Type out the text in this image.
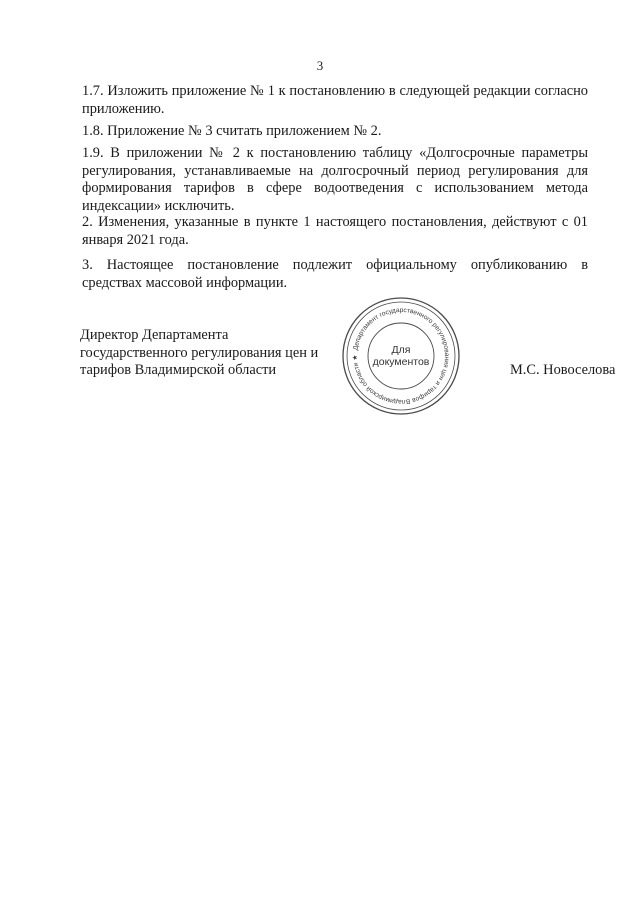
3
1.7. Изложить приложение № 1 к постановлению в следующей редакции согласно приложению.
1.8. Приложение № 3 считать приложением № 2.
1.9. В приложении № 2 к постановлению таблицу «Долгосрочные параметры регулирования, устанавливаемые на долгосрочный период регулирования для формирования тарифов в сфере водоотведения с использованием метода индексации» исключить.
2. Изменения, указанные в пункте 1 настоящего постановления, действуют с 01 января 2021 года.
3. Настоящее постановление подлежит официальному опубликованию в средствах массовой информации.
Директор Департамента
государственного регулирования цен и
тарифов Владимирской области	М.С. Новоселова
Департамент государственного регулирования цен и тарифов Владимирской области ★
Для
документов
